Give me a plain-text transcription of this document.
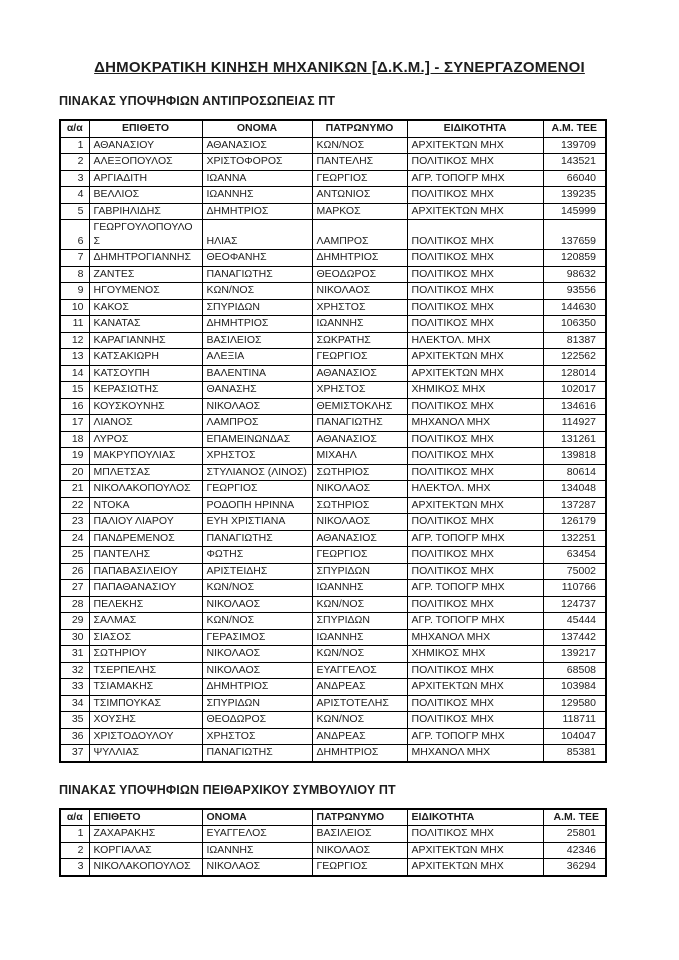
ΔΗΜΟΚΡΑΤΙΚΗ ΚΙΝΗΣΗ ΜΗΧΑΝΙΚΩΝ [Δ.Κ.Μ.] - ΣΥΝΕΡΓΑΖΟΜΕΝΟΙ
ΠΙΝΑΚΑΣ ΥΠΟΨΗΦΙΩΝ ΑΝΤΙΠΡΟΣΩΠΕΙΑΣ ΠΤ
α/α	ΕΠΙΘΕΤΟ	ΟΝΟΜΑ	ΠΑΤΡΩΝΥΜΟ	ΕΙΔΙΚΟΤΗΤΑ	Α.Μ. ΤΕΕ
1	ΑΘΑΝΑΣΙΟΥ	ΑΘΑΝΑΣΙΟΣ	ΚΩΝ/ΝΟΣ	ΑΡΧΙΤΕΚΤΩΝ ΜΗΧ	139709
2	ΑΛΕΞΟΠΟΥΛΟΣ	ΧΡΙΣΤΟΦΟΡΟΣ	ΠΑΝΤΕΛΗΣ	ΠΟΛΙΤΙΚΟΣ ΜΗΧ	143521
3	ΑΡΓΙΑΔΙΤΗ	ΙΩΑΝΝΑ	ΓΕΩΡΓΙΟΣ	ΑΓΡ. ΤΟΠΟΓΡ ΜΗΧ	66040
4	ΒΕΛΛΙΟΣ	ΙΩΑΝΝΗΣ	ΑΝΤΩΝΙΟΣ	ΠΟΛΙΤΙΚΟΣ ΜΗΧ	139235
5	ΓΑΒΡΙΗΛΙΔΗΣ	ΔΗΜΗΤΡΙΟΣ	ΜΑΡΚΟΣ	ΑΡΧΙΤΕΚΤΩΝ ΜΗΧ	145999
6	ΓΕΩΡΓΟΥΛΟΠΟΥΛΟΣ	ΗΛΙΑΣ	ΛΑΜΠΡΟΣ	ΠΟΛΙΤΙΚΟΣ ΜΗΧ	137659
7	ΔΗΜΗΤΡΟΓΙΑΝΝΗΣ	ΘΕΟΦΑΝΗΣ	ΔΗΜΗΤΡΙΟΣ	ΠΟΛΙΤΙΚΟΣ ΜΗΧ	120859
8	ΖΑΝΤΕΣ	ΠΑΝΑΓΙΩΤΗΣ	ΘΕΟΔΩΡΟΣ	ΠΟΛΙΤΙΚΟΣ ΜΗΧ	98632
9	ΗΓΟΥΜΕΝΟΣ	ΚΩΝ/ΝΟΣ	ΝΙΚΟΛΑΟΣ	ΠΟΛΙΤΙΚΟΣ ΜΗΧ	93556
10	ΚΑΚΟΣ	ΣΠΥΡΙΔΩΝ	ΧΡΗΣΤΟΣ	ΠΟΛΙΤΙΚΟΣ ΜΗΧ	144630
11	ΚΑΝΑΤΑΣ	ΔΗΜΗΤΡΙΟΣ	ΙΩΑΝΝΗΣ	ΠΟΛΙΤΙΚΟΣ ΜΗΧ	106350
12	ΚΑΡΑΓΙΑΝΝΗΣ	ΒΑΣΙΛΕΙΟΣ	ΣΩΚΡΑΤΗΣ	ΗΛΕΚΤΟΛ. ΜΗΧ	81387
13	ΚΑΤΣΑΚΙΩΡΗ	ΑΛΕΞΙΑ	ΓΕΩΡΓΙΟΣ	ΑΡΧΙΤΕΚΤΩΝ ΜΗΧ	122562
14	ΚΑΤΣΟΥΠΗ	ΒΑΛΕΝΤΙΝΑ	ΑΘΑΝΑΣΙΟΣ	ΑΡΧΙΤΕΚΤΩΝ ΜΗΧ	128014
15	ΚΕΡΑΣΙΩΤΗΣ	ΘΑΝΑΣΗΣ	ΧΡΗΣΤΟΣ	ΧΗΜΙΚΟΣ ΜΗΧ	102017
16	ΚΟΥΣΚΟΥΝΗΣ	ΝΙΚΟΛΑΟΣ	ΘΕΜΙΣΤΟΚΛΗΣ	ΠΟΛΙΤΙΚΟΣ ΜΗΧ	134616
17	ΛΙΑΝΟΣ	ΛΑΜΠΡΟΣ	ΠΑΝΑΓΙΩΤΗΣ	ΜΗΧΑΝΟΛ ΜΗΧ	114927
18	ΛΥΡΟΣ	ΕΠΑΜΕΙΝΩΝΔΑΣ	ΑΘΑΝΑΣΙΟΣ	ΠΟΛΙΤΙΚΟΣ ΜΗΧ	131261
19	ΜΑΚΡΥΠΟΥΛΙΑΣ	ΧΡΗΣΤΟΣ	ΜΙΧΑΗΛ	ΠΟΛΙΤΙΚΟΣ ΜΗΧ	139818
20	ΜΠΛΕΤΣΑΣ	ΣΤΥΛΙΑΝΟΣ (ΛΙΝΟΣ)	ΣΩΤΗΡΙΟΣ	ΠΟΛΙΤΙΚΟΣ ΜΗΧ	80614
21	ΝΙΚΟΛΑΚΟΠΟΥΛΟΣ	ΓΕΩΡΓΙΟΣ	ΝΙΚΟΛΑΟΣ	ΗΛΕΚΤΟΛ. ΜΗΧ	134048
22	ΝΤΟΚΑ	ΡΟΔΟΠΗ ΗΡΙΝΝΑ	ΣΩΤΗΡΙΟΣ	ΑΡΧΙΤΕΚΤΩΝ ΜΗΧ	137287
23	ΠΑΛΙΟΥ ΛΙΑΡΟΥ	ΕΥΗ ΧΡΙΣΤΙΑΝΑ	ΝΙΚΟΛΑΟΣ	ΠΟΛΙΤΙΚΟΣ ΜΗΧ	126179
24	ΠΑΝΔΡΕΜΕΝΟΣ	ΠΑΝΑΓΙΩΤΗΣ	ΑΘΑΝΑΣΙΟΣ	ΑΓΡ. ΤΟΠΟΓΡ ΜΗΧ	132251
25	ΠΑΝΤΕΛΗΣ	ΦΩΤΗΣ	ΓΕΩΡΓΙΟΣ	ΠΟΛΙΤΙΚΟΣ ΜΗΧ	63454
26	ΠΑΠΑΒΑΣΙΛΕΙΟΥ	ΑΡΙΣΤΕΙΔΗΣ	ΣΠΥΡΙΔΩΝ	ΠΟΛΙΤΙΚΟΣ ΜΗΧ	75002
27	ΠΑΠΑΘΑΝΑΣΙΟΥ	ΚΩΝ/ΝΟΣ	ΙΩΑΝΝΗΣ	ΑΓΡ. ΤΟΠΟΓΡ ΜΗΧ	110766
28	ΠΕΛΕΚΗΣ	ΝΙΚΟΛΑΟΣ	ΚΩΝ/ΝΟΣ	ΠΟΛΙΤΙΚΟΣ ΜΗΧ	124737
29	ΣΑΛΜΑΣ	ΚΩΝ/ΝΟΣ	ΣΠΥΡΙΔΩΝ	ΑΓΡ. ΤΟΠΟΓΡ ΜΗΧ	45444
30	ΣΙΑΣΟΣ	ΓΕΡΑΣΙΜΟΣ	ΙΩΑΝΝΗΣ	ΜΗΧΑΝΟΛ ΜΗΧ	137442
31	ΣΩΤΗΡΙΟΥ	ΝΙΚΟΛΑΟΣ	ΚΩΝ/ΝΟΣ	ΧΗΜΙΚΟΣ ΜΗΧ	139217
32	ΤΣΕΡΠΕΛΗΣ	ΝΙΚΟΛΑΟΣ	ΕΥΑΓΓΕΛΟΣ	ΠΟΛΙΤΙΚΟΣ ΜΗΧ	68508
33	ΤΣΙΑΜΑΚΗΣ	ΔΗΜΗΤΡΙΟΣ	ΑΝΔΡΕΑΣ	ΑΡΧΙΤΕΚΤΩΝ ΜΗΧ	103984
34	ΤΣΙΜΠΟΥΚΑΣ	ΣΠΥΡΙΔΩΝ	ΑΡΙΣΤΟΤΕΛΗΣ	ΠΟΛΙΤΙΚΟΣ ΜΗΧ	129580
35	ΧΟΥΣΗΣ	ΘΕΟΔΩΡΟΣ	ΚΩΝ/ΝΟΣ	ΠΟΛΙΤΙΚΟΣ ΜΗΧ	118711
36	ΧΡΙΣΤΟΔΟΥΛΟΥ	ΧΡΗΣΤΟΣ	ΑΝΔΡΕΑΣ	ΑΓΡ. ΤΟΠΟΓΡ ΜΗΧ	104047
37	ΨΥΛΛΙΑΣ	ΠΑΝΑΓΙΩΤΗΣ	ΔΗΜΗΤΡΙΟΣ	ΜΗΧΑΝΟΛ ΜΗΧ	85381
ΠΙΝΑΚΑΣ ΥΠΟΨΗΦΙΩΝ ΠΕΙΘΑΡΧΙΚΟΥ ΣΥΜΒΟΥΛΙΟΥ ΠΤ
α/α	ΕΠΙΘΕΤΟ	ΟΝΟΜΑ	ΠΑΤΡΩΝΥΜΟ	ΕΙΔΙΚΟΤΗΤΑ	Α.Μ. ΤΕΕ
1	ΖΑΧΑΡΑΚΗΣ	ΕΥΑΓΓΕΛΟΣ	ΒΑΣΙΛΕΙΟΣ	ΠΟΛΙΤΙΚΟΣ ΜΗΧ	25801
2	ΚΟΡΓΙΑΛΑΣ	ΙΩΑΝΝΗΣ	ΝΙΚΟΛΑΟΣ	ΑΡΧΙΤΕΚΤΩΝ ΜΗΧ	42346
3	ΝΙΚΟΛΑΚΟΠΟΥΛΟΣ	ΝΙΚΟΛΑΟΣ	ΓΕΩΡΓΙΟΣ	ΑΡΧΙΤΕΚΤΩΝ ΜΗΧ	36294
